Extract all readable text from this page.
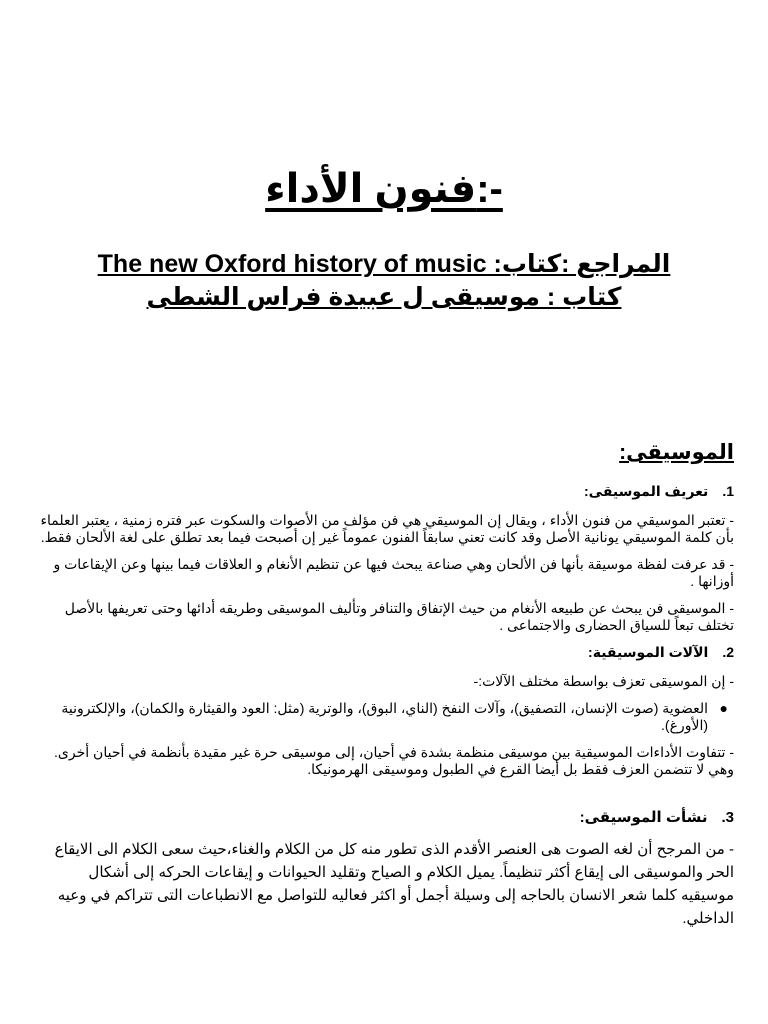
فنون الأداء:-
المراجع :كتاب: The new Oxford history of music
كتاب : موسيقى ل عبيدة فراس الشطى
الموسيقى:
1.تعريف الموسيقى:

- تعتبر الموسيقي من فنون الأداء ، ويقال إن الموسيقي هي فن مؤلف من الأصوات والسكوت عبر فتره زمنية ، يعتبر العلماء بأن كلمة الموسيقي يونانية الأصل وقد كانت تعني سابقاً الفنون عموماً غير إن أصبحت فيما بعد تطلق على لغة الألحان فقط.

- قد عرفت لفظة موسيقة بأنها فن الألحان وهي صناعة يبحث فيها عن تنظيم الأنغام و العلاقات فيما بينها وعن الإيقاعات و أوزانها .

- الموسيقى فن يبحث عن طبيعه الأنغام من حيث الإتفاق والتنافر وتأليف الموسيقى وطريقه أدائها وحتى تعريفها بالأصل تختلف تبعاً للسياق الحضارى والاجتماعى .

2.الآلات الموسيقية:

- إن الموسيقى تعزف بواسطة مختلف الآلات:-

●
العضوية (صوت الإنسان، التصفيق)، وآلات النفخ (الناي، البوق)، والوترية (مثل: العود والقيثارة والكمان)، والإلكترونية (الأورغ).

- تتفاوت الأداءات الموسيقية بين موسيقى منظمة بشدة في أحيان، إلى موسيقى حرة غير مقيدة بأنظمة في أحيان أخرى. وهي لا تتضمن العزف فقط بل أيضا القرع في الطبول وموسيقى الهرمونيكا.

3.نشأت الموسيقى:

- من المرجح أن لغه الصوت هى العنصر الأقدم الذى تطور منه كل من الكلام والغناء،حيث سعى الكلام الى الايقاع الحر والموسيقى الى إيقاع أكثر تنظيماً. يميل الكلام و الصياح وتقليد الحيوانات و إيقاعات الحركه إلى أشكال موسيقيه كلما شعر الانسان بالحاجه إلى وسيلة أجمل أو اكثر فعاليه للتواصل مع الانطباعات التى تتراكم في وعيه الداخلي.
